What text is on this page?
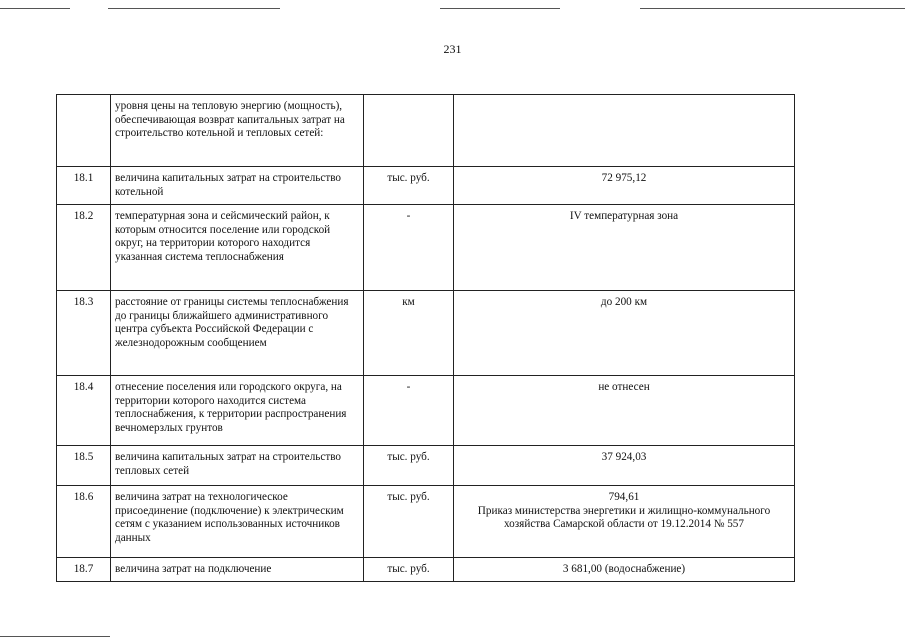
231
	уровня цены на тепловую энергию (мощность), обеспечивающая возврат капитальных затрат на строительство котельной и тепловых сетей:		

18.1	величина капитальных затрат на строительство котельной	тыс. руб.	72 975,12

18.2	температурная зона и сейсмический район, к которым относится поселение или городской округ, на территории которого находится указанная система теплоснабжения	-	IV температурная зона

18.3	расстояние от границы системы теплоснабжения до границы ближайшего административного центра субъекта Российской Федерации с железнодорожным сообщением	км	до 200 км

18.4	отнесение поселения или городского округа, на территории которого находится система теплоснабжения, к территории распространения вечномерзлых грунтов	-	не отнесен

18.5	величина капитальных затрат на строительство тепловых сетей	тыс. руб.	37 924,03

18.6	величина затрат на технологическое присоединение (подключение) к электрическим сетям с указанием использованных источников данных	тыс. руб.	794,61
Приказ министерства энергетики и жилищно-коммунального хозяйства Самарской области от 19.12.2014 № 557

18.7	величина затрат на подключение	тыс. руб.	3 681,00 (водоснабжение)
